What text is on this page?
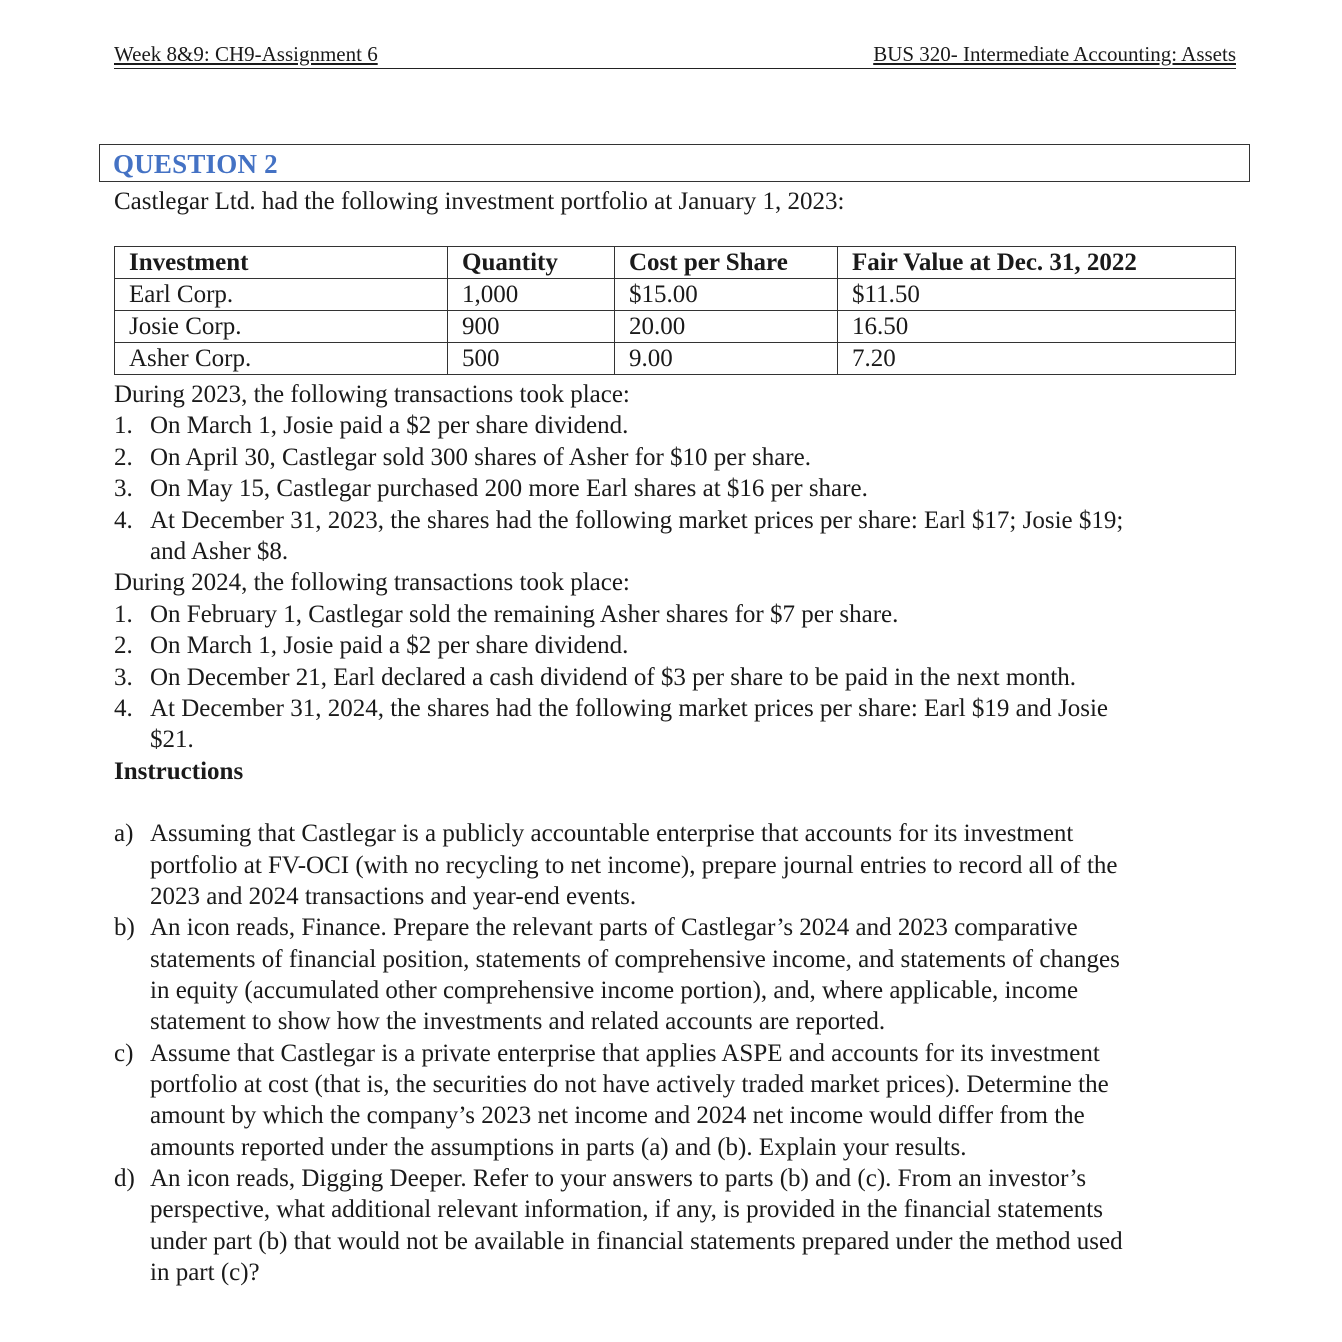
Week 8&9: CH9-Assignment 6	BUS 320- Intermediate Accounting: Assets
QUESTION 2
Castlegar Ltd. had the following investment portfolio at January 1, 2023:
Investment	Quantity	Cost per Share	Fair Value at Dec. 31, 2022
Earl Corp.	1,000	$15.00	$11.50
Josie Corp.	900	20.00	16.50
Asher Corp.	500	9.00	7.20
During 2023, the following transactions took place:
1. On March 1, Josie paid a $2 per share dividend.
2. On April 30, Castlegar sold 300 shares of Asher for $10 per share.
3. On May 15, Castlegar purchased 200 more Earl shares at $16 per share.
4. At December 31, 2023, the shares had the following market prices per share: Earl $17; Josie $19;
and Asher $8.
During 2024, the following transactions took place:
1. On February 1, Castlegar sold the remaining Asher shares for $7 per share.
2. On March 1, Josie paid a $2 per share dividend.
3. On December 21, Earl declared a cash dividend of $3 per share to be paid in the next month.
4. At December 31, 2024, the shares had the following market prices per share: Earl $19 and Josie
$21.
Instructions
a) Assuming that Castlegar is a publicly accountable enterprise that accounts for its investment
portfolio at FV-OCI (with no recycling to net income), prepare journal entries to record all of the
2023 and 2024 transactions and year-end events.
b) An icon reads, Finance. Prepare the relevant parts of Castlegar’s 2024 and 2023 comparative
statements of financial position, statements of comprehensive income, and statements of changes
in equity (accumulated other comprehensive income portion), and, where applicable, income
statement to show how the investments and related accounts are reported.
c) Assume that Castlegar is a private enterprise that applies ASPE and accounts for its investment
portfolio at cost (that is, the securities do not have actively traded market prices). Determine the
amount by which the company’s 2023 net income and 2024 net income would differ from the
amounts reported under the assumptions in parts (a) and (b). Explain your results.
d) An icon reads, Digging Deeper. Refer to your answers to parts (b) and (c). From an investor’s
perspective, what additional relevant information, if any, is provided in the financial statements
under part (b) that would not be available in financial statements prepared under the method used
in part (c)?
